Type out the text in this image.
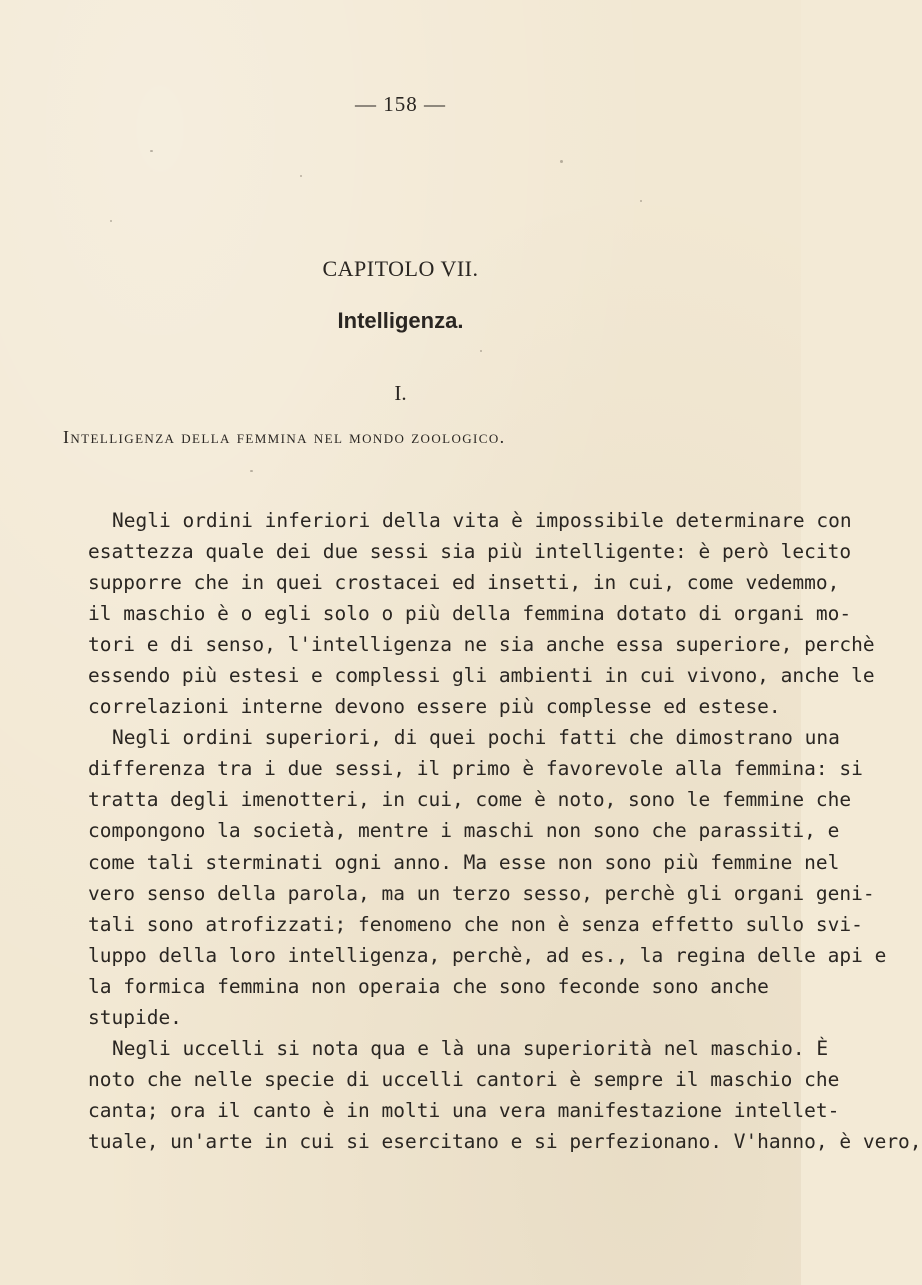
— 158 —
CAPITOLO VII.
Intelligenza.
I.
Intelligenza della femmina nel mondo zoologico.
Negli ordini inferiori della vita è impossibile determinare con
esattezza quale dei due sessi sia più intelligente: è però lecito
supporre che in quei crostacei ed insetti, in cui, come vedemmo,
il maschio è o egli solo o più della femmina dotato di organi mo-
tori e di senso, l'intelligenza ne sia anche essa superiore, perchè
essendo più estesi e complessi gli ambienti in cui vivono, anche le
correlazioni interne devono essere più complesse ed estese.
Negli ordini superiori, di quei pochi fatti che dimostrano una
differenza tra i due sessi, il primo è favorevole alla femmina: si
tratta degli imenotteri, in cui, come è noto, sono le femmine che
compongono la società, mentre i maschi non sono che parassiti, e
come tali sterminati ogni anno. Ma esse non sono più femmine nel
vero senso della parola, ma un terzo sesso, perchè gli organi geni-
tali sono atrofizzati; fenomeno che non è senza effetto sullo svi-
luppo della loro intelligenza, perchè, ad es., la regina delle api e
la formica femmina non operaia che sono feconde sono anche
stupide.
Negli uccelli si nota qua e là una superiorità nel maschio. È
noto che nelle specie di uccelli cantori è sempre il maschio che
canta; ora il canto è in molti una vera manifestazione intellet-
tuale, un'arte in cui si esercitano e si perfezionano. V'hanno, è vero,
